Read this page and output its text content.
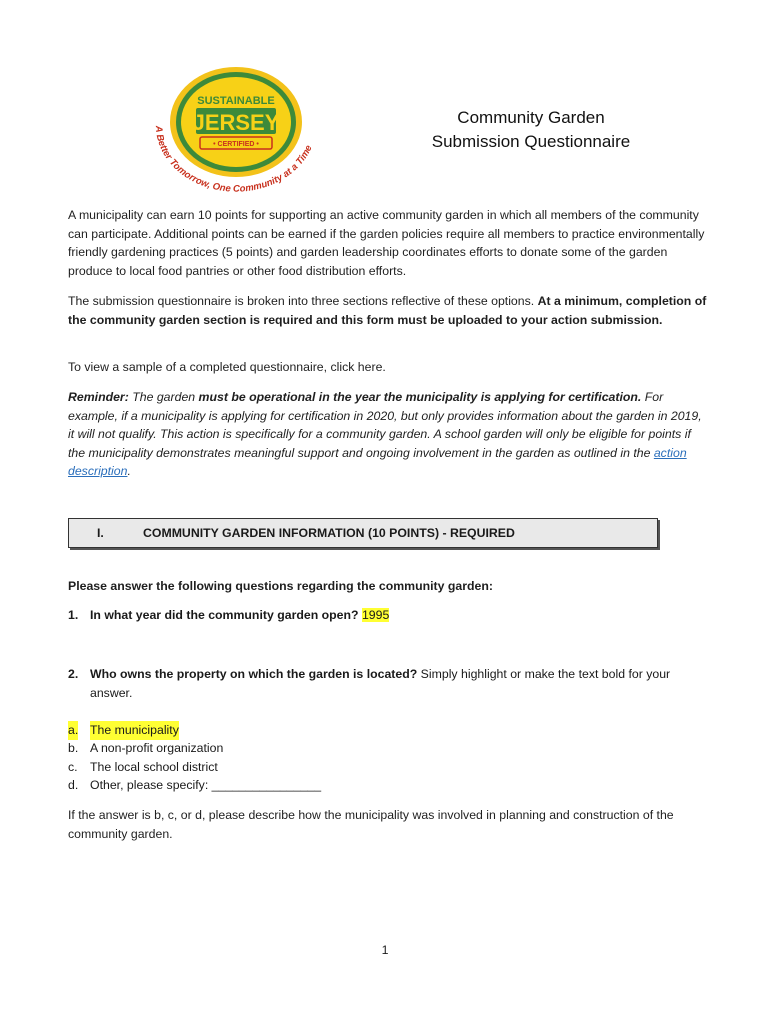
SUSTAINABLE
JERSEY
• CERTIFIED •
A Better Tomorrow, One Community at a Time
Community Garden
Submission Questionnaire
A municipality can earn 10 points for supporting an active community garden in which all members of the community can participate. Additional points can be earned if the garden policies require all members to practice environmentally friendly gardening practices (5 points) and garden leadership coordinates efforts to donate some of the garden produce to local food pantries or other food distribution efforts.
The submission questionnaire is broken into three sections reflective of these options. At a minimum, completion of the community garden section is required and this form must be uploaded to your action submission.
To view a sample of a completed questionnaire, click here.
Reminder: The garden must be operational in the year the municipality is applying for certification. For example, if a municipality is applying for certification in 2020, but only provides information about the garden in 2019, it will not qualify. This action is specifically for a community garden. A school garden will only be eligible for points if the municipality demonstrates meaningful support and ongoing involvement in the garden as outlined in the action description.
I.	COMMUNITY GARDEN INFORMATION (10 POINTS) - REQUIRED
Please answer the following questions regarding the community garden:
1. In what year did the community garden open? 1995
2. Who owns the property on which the garden is located? Simply highlight or make the text bold for your answer.
a. The municipality
b. A non-profit organization
c. The local school district
d. Other, please specify: ________________
If the answer is b, c, or d, please describe how the municipality was involved in planning and construction of the community garden.
1
